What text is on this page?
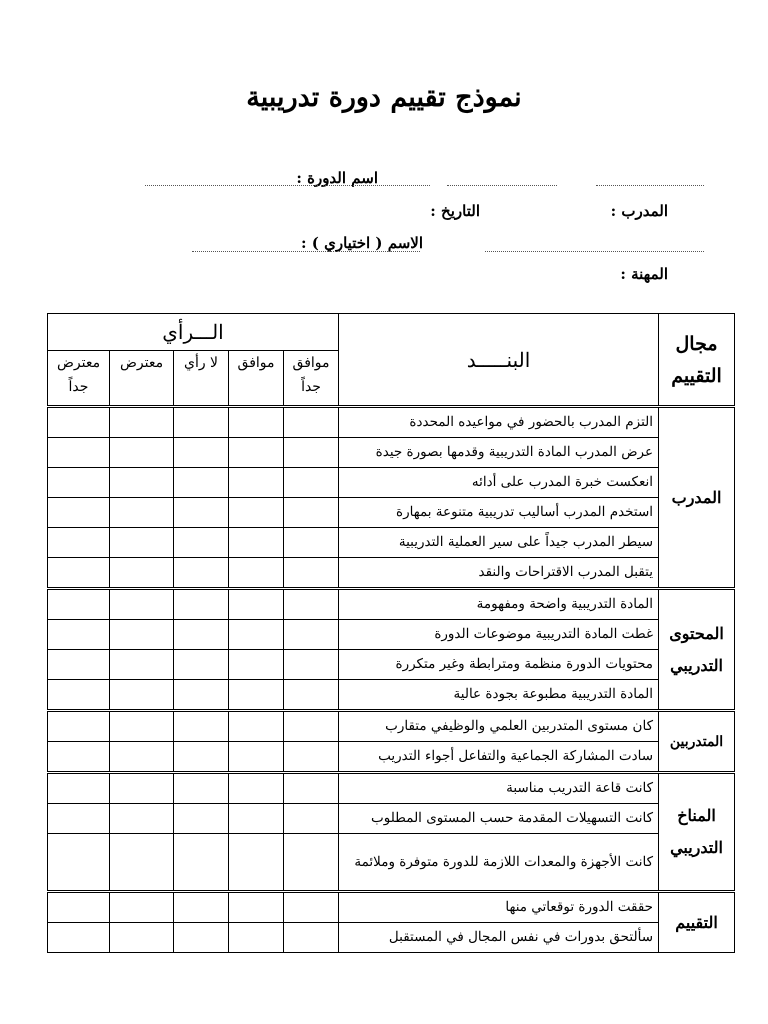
نموذج تقييم دورة تدريبية
اسم الدورة :
المدرب :
التاريخ :
الاسم ( اختياري ) :
المهنة :
مجال التقييم	البنـــــد	الـــرأي				
		موافق جداً	موافق	لا رأي	معترض	معترض جداً
المدرب	التزم المدرب بالحضور في مواعيده المحددة					
	عرض المدرب المادة التدريبية وقدمها بصورة جيدة					
	انعكست خبرة المدرب على أدائه					
	استخدم المدرب أساليب تدريبية متنوعة بمهارة					
	سيطر المدرب جيداً على سير العملية التدريبية					
	يتقبل المدرب الاقتراحات والنقد					
المحتوى التدريبي	المادة التدريبية واضحة ومفهومة					
	غطت المادة التدريبية موضوعات الدورة					
	محتويات الدورة منظمة ومترابطة وغير متكررة					
	المادة التدريبية مطبوعة بجودة عالية					
المتدربين	كان مستوى المتدربين العلمي والوظيفي متقارب					
	سادت المشاركة الجماعية والتفاعل أجواء التدريب					
المناخ التدريبي	كانت قاعة التدريب مناسبة					
	كانت التسهيلات المقدمة حسب المستوى المطلوب					
	كانت الأجهزة والمعدات اللازمة للدورة متوفرة وملائمة					
التقييم	حققت الدورة توقعاتي منها					
	سألتحق بدورات في نفس المجال في المستقبل					
